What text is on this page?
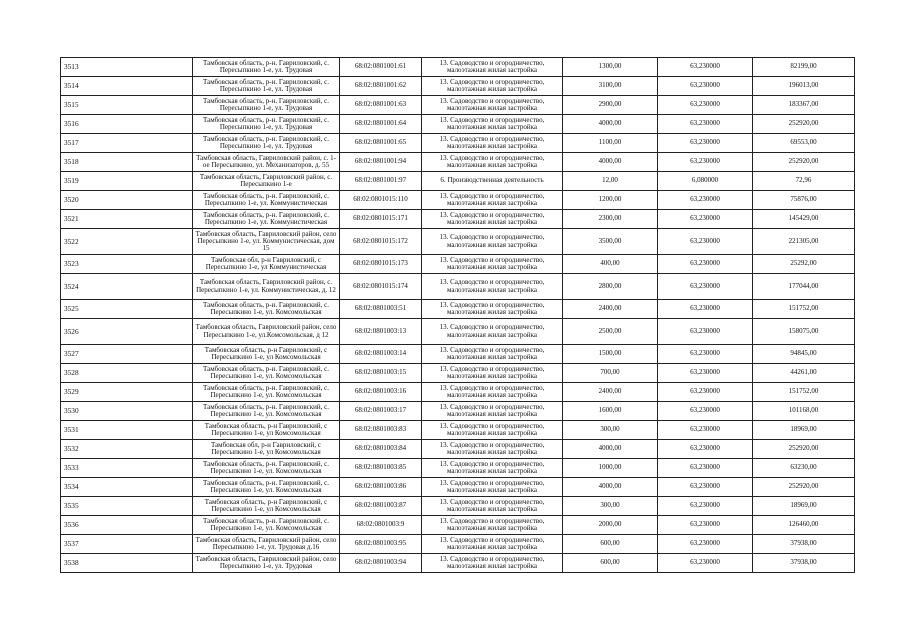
3513	Тамбовская область, р-н. Гавриловский, с. Пересыпкино 1-е, ул. Трудовая	68:02:0801001:61	13. Садоводство и огородничество, малоэтажная жилая застройка	1300,00	63,230000	82199,00
3514	Тамбовская область, р-н. Гавриловский, с. Пересыпкино 1-е, ул. Трудовая	68:02:0801001:62	13. Садоводство и огородничество, малоэтажная жилая застройка	3100,00	63,230000	196013,00
3515	Тамбовская область, р-н. Гавриловский, с. Пересыпкино 1-е, ул. Трудовая	68:02:0801001:63	13. Садоводство и огородничество, малоэтажная жилая застройка	2900,00	63,230000	183367,00
3516	Тамбовская область, р-н. Гавриловский, с. Пересыпкино 1-е, ул. Трудовая	68:02:0801001:64	13. Садоводство и огородничество, малоэтажная жилая застройка	4000,00	63,230000	252920,00
3517	Тамбовская область, р-н. Гавриловский, с. Пересыпкино 1-е, ул. Трудовая	68:02:0801001:65	13. Садоводство и огородничество, малоэтажная жилая застройка	1100,00	63,230000	69553,00
3518	Тамбовская область, Гавриловский район, с. 1-ое Пересыпкино, ул. Механизаторов, д. 55	68:02:0801001:94	13. Садоводство и огородничество, малоэтажная жилая застройка	4000,00	63,230000	252920,00
3519	Тамбовская область, Гавриловский район, с. Пересыпкино 1-е	68:02:0801001:97	6. Производственная деятельность	12,00	6,080000	72,96
3520	Тамбовская область, р-н. Гавриловский, с. Пересыпкино 1-е, ул. Коммунистическая	68:02:0801015:110	13. Садоводство и огородничество, малоэтажная жилая застройка	1200,00	63,230000	75876,00
3521	Тамбовская область, р-н. Гавриловский, с. Пересыпкино 1-е, ул. Коммунистическая	68:02:0801015:171	13. Садоводство и огородничество, малоэтажная жилая застройка	2300,00	63,230000	145429,00
3522	Тамбовская область, Гавриловский район, село Пересыпкино 1-е, ул. Коммунистическая, дом 15	68:02:0801015:172	13. Садоводство и огородничество, малоэтажная жилая застройка	3500,00	63,230000	221305,00
3523	Тамбовская обл, р-н Гавриловский, с Пересыпкино 1-е, ул Коммунистическая	68:02:0801015:173	13. Садоводство и огородничество, малоэтажная жилая застройка	400,00	63,230000	25292,00
3524	Тамбовская область, Гавриловский район, с. Пересыпкино 1-е, ул. Коммунистическая, д. 12	68:02:0801015:174	13. Садоводство и огородничество, малоэтажная жилая застройка	2800,00	63,230000	177044,00
3525	Тамбовская область, р-н. Гавриловский, с. Пересыпкино 1-е, ул. Комсомольская	68:02:0801003:51	13. Садоводство и огородничество, малоэтажная жилая застройка	2400,00	63,230000	151752,00
3526	Тамбовская область, Гавриловский район, село Пересыпкино 1-е, ул.Комсомольская, д 12	68:02:0801003:13	13. Садоводство и огородничество, малоэтажная жилая застройка	2500,00	63,230000	158075,00
3527	Тамбовская область, р-н Гавриловский, с Пересыпкино 1-е, ул Комсомольская	68:02:0801003:14	13. Садоводство и огородничество, малоэтажная жилая застройка	1500,00	63,230000	94845,00
3528	Тамбовская область, р-н. Гавриловский, с. Пересыпкино 1-е, ул. Комсомольская	68:02:0801003:15	13. Садоводство и огородничество, малоэтажная жилая застройка	700,00	63,230000	44261,00
3529	Тамбовская область, р-н. Гавриловский, с. Пересыпкино 1-е, ул. Комсомольская	68:02:0801003:16	13. Садоводство и огородничество, малоэтажная жилая застройка	2400,00	63,230000	151752,00
3530	Тамбовская область, р-н. Гавриловский, с. Пересыпкино 1-е, ул. Комсомольская	68:02:0801003:17	13. Садоводство и огородничество, малоэтажная жилая застройка	1600,00	63,230000	101168,00
3531	Тамбовская область, р-н Гавриловский, с Пересыпкино 1-е, ул Комсомольская	68:02:0801003:83	13. Садоводство и огородничество, малоэтажная жилая застройка	300,00	63,230000	18969,00
3532	Тамбовская обл, р-н Гавриловский, с Пересыпкино 1-е, ул Комсомольская	68:02:0801003:84	13. Садоводство и огородничество, малоэтажная жилая застройка	4000,00	63,230000	252920,00
3533	Тамбовская область, р-н. Гавриловский, с. Пересыпкино 1-е, ул. Комсомольская	68:02:0801003:85	13. Садоводство и огородничество, малоэтажная жилая застройка	1000,00	63,230000	63230,00
3534	Тамбовская область, р-н. Гавриловский, с. Пересыпкино 1-е, ул. Комсомольская	68:02:0801003:86	13. Садоводство и огородничество, малоэтажная жилая застройка	4000,00	63,230000	252920,00
3535	Тамбовская область, р-н Гавриловский, с Пересыпкино 1-е, ул Комсомольская	68:02:0801003:87	13. Садоводство и огородничество, малоэтажная жилая застройка	300,00	63,230000	18969,00
3536	Тамбовская область, р-н. Гавриловский, с. Пересыпкино 1-е, ул. Комсомольская	68:02:0801003:9	13. Садоводство и огородничество, малоэтажная жилая застройка	2000,00	63,230000	126460,00
3537	Тамбовская область, Гавриловский район, село Пересыпкино 1-е, ул. Трудовая д.16	68:02:0801003:95	13. Садоводство и огородничество, малоэтажная жилая застройка	600,00	63,230000	37938,00
3538	Тамбовская область, Гавриловский район, село Пересыпкино 1-е, ул. Трудовая	68:02:0801003:94	13. Садоводство и огородничество, малоэтажная жилая застройка	600,00	63,230000	37938,00
